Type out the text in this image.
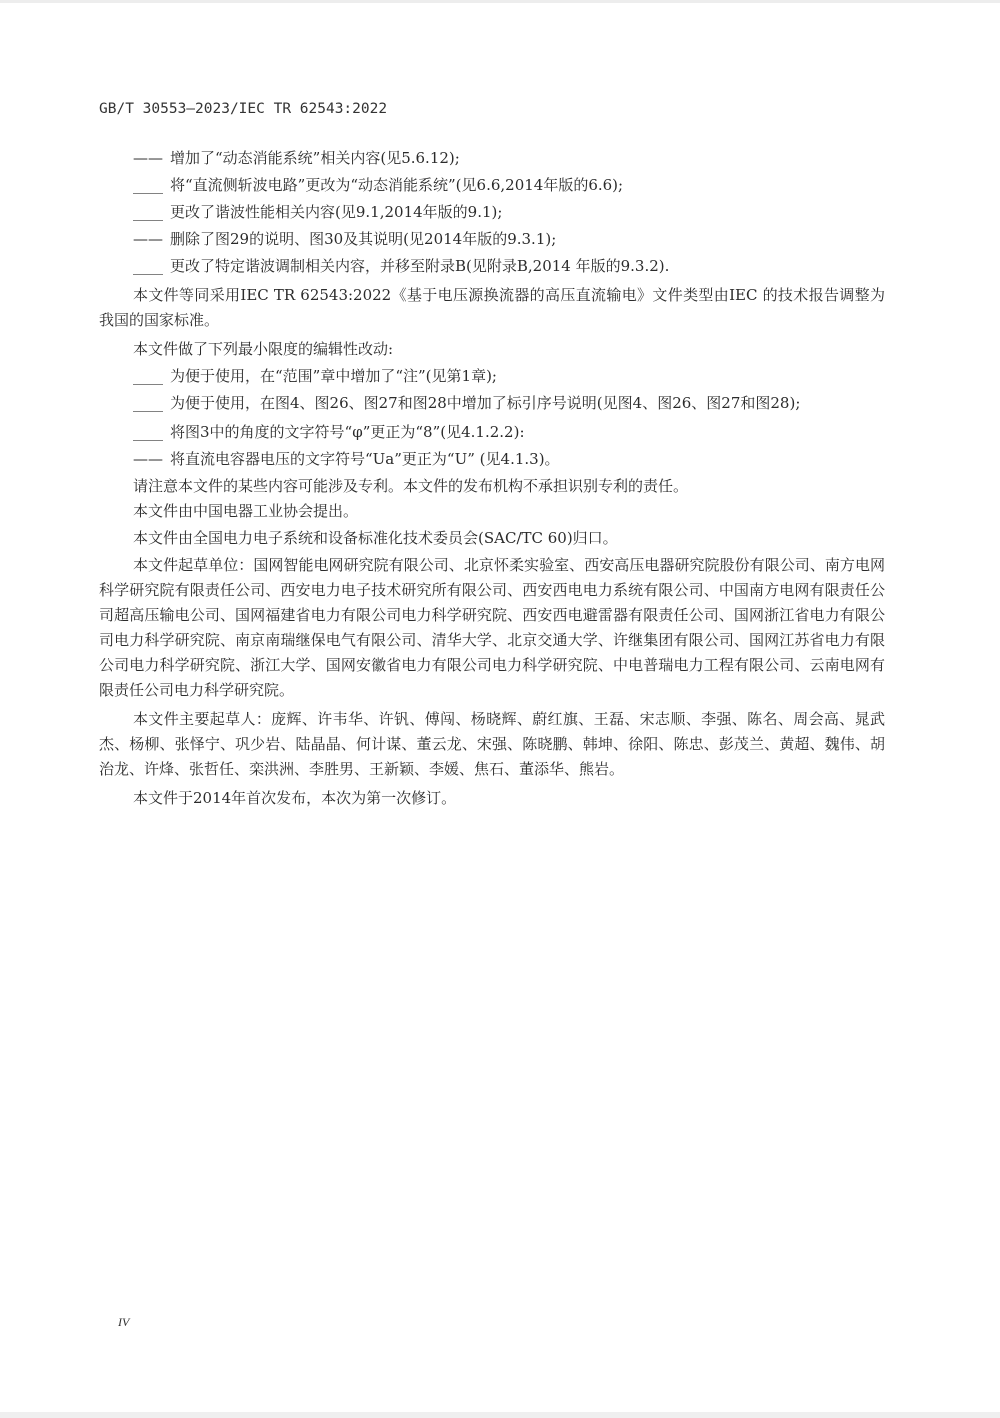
GB/T 30553—2023/IEC TR 62543:2022
—— 增加了“动态消能系统”相关内容(见5.6.12);
____ 将“直流侧斩波电路”更改为“动态消能系统”(见6.6,2014年版的6.6);
____ 更改了谐波性能相关内容(见9.1,2014年版的9.1);
—— 删除了图29的说明、图30及其说明(见2014年版的9.3.1);
____ 更改了特定谐波调制相关内容，并移至附录B(见附录B,2014 年版的9.3.2).

本文件等同采用IEC TR 62543:2022《基于电压源换流器的高压直流输电》文件类型由IEC 的技术报告调整为我国的国家标准。

本文件做了下列最小限度的编辑性改动:

____ 为便于使用，在“范围”章中增加了“注”(见第1章);
____ 为便于使用，在图4、图26、图27和图28中增加了标引序号说明(见图4、图26、图27和图28);
____ 将图3中的角度的文字符号“φ”更正为“8”(见4.1.2.2):
—— 将直流电容器电压的文字符号“Ua”更正为“U” (见4.1.3)。

请注意本文件的某些内容可能涉及专利。本文件的发布机构不承担识别专利的责任。

本文件由中国电器工业协会提出。

本文件由全国电力电子系统和设备标准化技术委员会(SAC/TC 60)归口。

本文件起草单位：国网智能电网研究院有限公司、北京怀柔实验室、西安高压电器研究院股份有限公司、南方电网科学研究院有限责任公司、西安电力电子技术研究所有限公司、西安西电电力系统有限公司、中国南方电网有限责任公司超高压输电公司、国网福建省电力有限公司电力科学研究院、西安西电避雷器有限责任公司、国网浙江省电力有限公司电力科学研究院、南京南瑞继保电气有限公司、清华大学、北京交通大学、许继集团有限公司、国网江苏省电力有限公司电力科学研究院、浙江大学、国网安徽省电力有限公司电力科学研究院、中电普瑞电力工程有限公司、云南电网有限责任公司电力科学研究院。

本文件主要起草人：庞辉、许韦华、许钒、傅闯、杨晓辉、蔚红旗、王磊、宋志顺、李强、陈名、周会高、晁武杰、杨柳、张怿宁、巩少岩、陆晶晶、何计谋、董云龙、宋强、陈晓鹏、韩坤、徐阳、陈忠、彭茂兰、黄超、魏伟、胡治龙、许烽、张哲任、栾洪洲、李胜男、王新颖、李媛、焦石、董添华、熊岩。

本文件于2014年首次发布，本次为第一次修订。

IV
